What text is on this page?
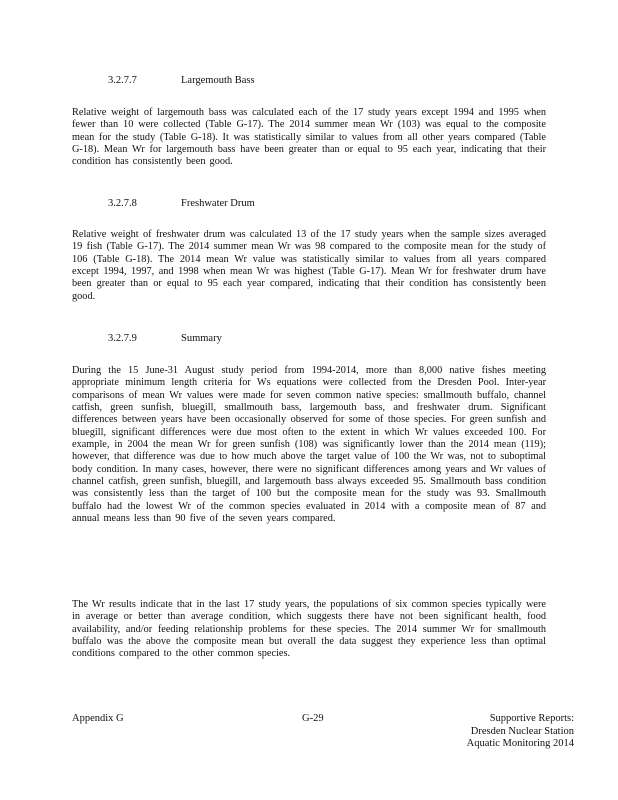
3.2.7.7	Largemouth Bass

Relative weight of largemouth bass was calculated each of the 17 study years except 1994 and 1995 when fewer than 10 were collected (Table G-17). The 2014 summer mean Wr (103) was equal to the composite mean for the study (Table G-18). It was statistically similar to values from all other years compared (Table G-18). Mean Wr for largemouth bass have been greater than or equal to 95 each year, indicating that their condition has consistently been good.

3.2.7.8	Freshwater Drum

Relative weight of freshwater drum was calculated 13 of the 17 study years when the sample sizes averaged 19 fish (Table G-17). The 2014 summer mean Wr was 98 compared to the composite mean for the study of 106 (Table G-18). The 2014 mean Wr value was statistically similar to values from all years compared except 1994, 1997, and 1998 when mean Wr was highest (Table G-17). Mean Wr for freshwater drum have been greater than or equal to 95 each year compared, indicating that their condition has consistently been good.

3.2.7.9	Summary

During the 15 June-31 August study period from 1994-2014, more than 8,000 native fishes meeting appropriate minimum length criteria for Ws equations were collected from the Dresden Pool. Inter-year comparisons of mean Wr values were made for seven common native species: smallmouth buffalo, channel catfish, green sunfish, bluegill, smallmouth bass, largemouth bass, and freshwater drum. Significant differences between years have been occasionally observed for some of those species. For green sunfish and bluegill, significant differences were due most often to the extent in which Wr values exceeded 100. For example, in 2004 the mean Wr for green sunfish (108) was significantly lower than the 2014 mean (119); however, that difference was due to how much above the target value of 100 the Wr was, not to suboptimal body condition. In many cases, however, there were no significant differences among years and Wr values of channel catfish, green sunfish, bluegill, and largemouth bass always exceeded 95. Smallmouth bass condition was consistently less than the target of 100 but the composite mean for the study was 93. Smallmouth buffalo had the lowest Wr of the common species evaluated in 2014 with a composite mean of 87 and annual means less than 90 five of the seven years compared.

The Wr results indicate that in the last 17 study years, the populations of six common species typically were in average or better than average condition, which suggests there have not been significant health, food availability, and/or feeding relationship problems for these species. The 2014 summer Wr for smallmouth buffalo was the above the composite mean but overall the data suggest they experience less than optimal conditions compared to the other common species.

Appendix G	G-29	Supportive Reports:
Dresden Nuclear Station
Aquatic Monitoring 2014
